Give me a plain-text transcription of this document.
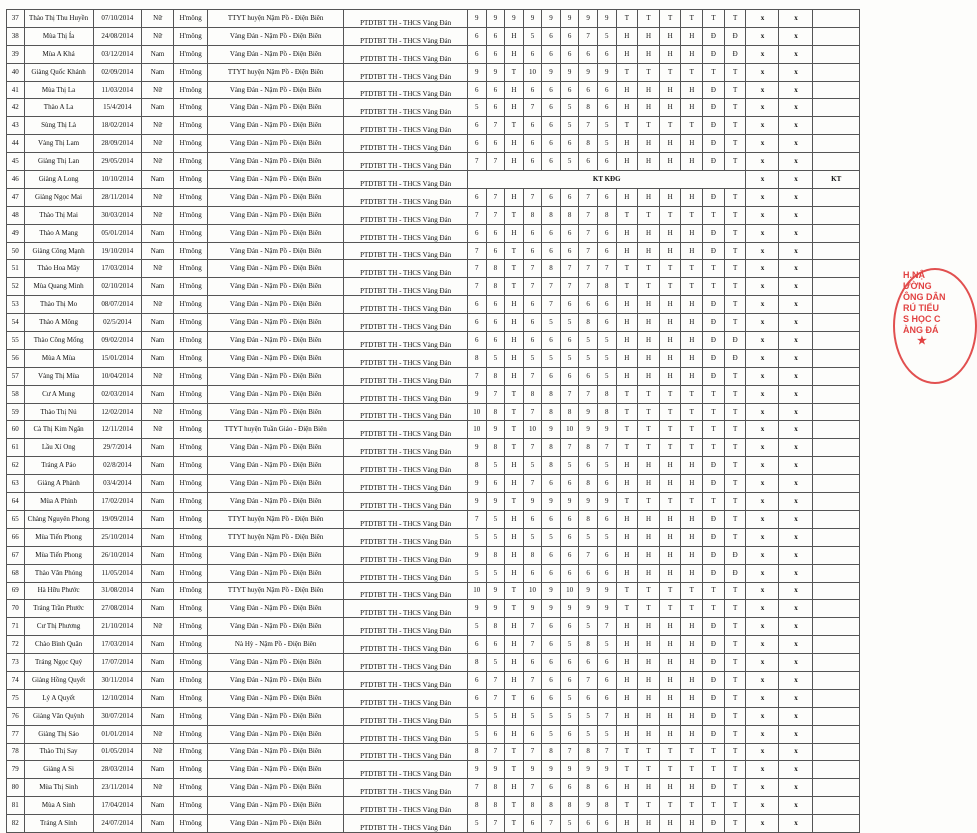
37	Thào Thị Thu Huyền	07/10/2014	Nữ	H'mông	TTYT huyện Nậm Pồ - Điện Biên	PTDTBT TH - THCS Vàng Đán	9	9	9	9	9	9	9	9	T	T	T	T	T	T	x	x	
38	Mùa Thị Ía	24/08/2014	Nữ	H'mông	Vàng Đán - Nậm Pồ - Điện Biên	PTDTBT TH - THCS Vàng Đán	6	6	H	5	6	6	7	5	H	H	H	H	Đ	Đ	x	x	
39	Mùa A Khá	03/12/2014	Nam	H'mông	Vàng Đán - Nậm Pồ - Điện Biên	PTDTBT TH - THCS Vàng Đán	6	6	H	6	6	6	6	6	H	H	H	H	Đ	Đ	x	x	
40	Giàng Quốc Khánh	02/09/2014	Nam	H'mông	TTYT huyện Nậm Pồ - Điện Biên	PTDTBT TH - THCS Vàng Đán	9	9	T	10	9	9	9	9	T	T	T	T	T	T	x	x	
41	Mùa Thị La	11/03/2014	Nữ	H'mông	Vàng Đán - Nậm Pồ - Điện Biên	PTDTBT TH - THCS Vàng Đán	6	6	H	6	6	6	6	6	H	H	H	H	Đ	T	x	x	
42	Thào A La	15/4/2014	Nam	H'mông	Vàng Đán - Nậm Pồ - Điện Biên	PTDTBT TH - THCS Vàng Đán	5	6	H	7	6	5	8	6	H	H	H	H	Đ	T	x	x	
43	Sùng Thị Là	18/02/2014	Nữ	H'mông	Vàng Đán - Nậm Pồ - Điện Biên	PTDTBT TH - THCS Vàng Đán	6	7	T	6	6	5	7	5	T	T	T	T	Đ	T	x	x	
44	Vàng Thị Lam	28/09/2014	Nữ	H'mông	Vàng Đán - Nậm Pồ - Điện Biên	PTDTBT TH - THCS Vàng Đán	6	6	H	6	6	6	8	5	H	H	H	H	Đ	T	x	x	
45	Giàng Thị Lan	29/05/2014	Nữ	H'mông	Vàng Đán - Nậm Pồ - Điện Biên	PTDTBT TH - THCS Vàng Đán	7	7	H	6	6	5	6	6	H	H	H	H	Đ	T	x	x	
46	Giàng A Long	10/10/2014	Nam	H'mông	Vàng Đán - Nậm Pồ - Điện Biên	PTDTBT TH - THCS Vàng Đán	KT KĐG														x	x	KT
47	Giàng Ngọc Mai	28/11/2014	Nữ	H'mông	Vàng Đán - Nậm Pồ - Điện Biên	PTDTBT TH - THCS Vàng Đán	6	7	H	7	6	6	7	6	H	H	H	H	Đ	T	x	x	
48	Thào Thị Mai	30/03/2014	Nữ	H'mông	Vàng Đán - Nậm Pồ - Điện Biên	PTDTBT TH - THCS Vàng Đán	7	7	T	8	8	8	7	8	T	T	T	T	T	T	x	x	
49	Thào A Mang	05/01/2014	Nam	H'mông	Vàng Đán - Nậm Pồ - Điện Biên	PTDTBT TH - THCS Vàng Đán	6	6	H	6	6	6	7	6	H	H	H	H	Đ	T	x	x	
50	Giàng Công Mạnh	19/10/2014	Nam	H'mông	Vàng Đán - Nậm Pồ - Điện Biên	PTDTBT TH - THCS Vàng Đán	7	6	T	6	6	6	7	6	H	H	H	H	Đ	T	x	x	
51	Thào Hoa Mây	17/03/2014	Nữ	H'mông	Vàng Đán - Nậm Pồ - Điện Biên	PTDTBT TH - THCS Vàng Đán	7	8	T	7	8	7	7	7	T	T	T	T	T	T	x	x	
52	Mùa Quang Minh	02/10/2014	Nam	H'mông	Vàng Đán - Nậm Pồ - Điện Biên	PTDTBT TH - THCS Vàng Đán	7	8	T	7	7	7	7	8	T	T	T	T	T	T	x	x	
53	Thào Thị Mo	08/07/2014	Nữ	H'mông	Vàng Đán - Nậm Pồ - Điện Biên	PTDTBT TH - THCS Vàng Đán	6	6	H	6	7	6	6	6	H	H	H	H	Đ	T	x	x	
54	Thào A Mông	02/5/2014	Nam	H'mông	Vàng Đán - Nậm Pồ - Điện Biên	PTDTBT TH - THCS Vàng Đán	6	6	H	6	5	5	8	6	H	H	H	H	Đ	T	x	x	
55	Thào Công Mống	09/02/2014	Nam	H'mông	Vàng Đán - Nậm Pồ - Điện Biên	PTDTBT TH - THCS Vàng Đán	6	6	H	6	6	6	5	5	H	H	H	H	Đ	Đ	x	x	
56	Mùa A Mùa	15/01/2014	Nam	H'mông	Vàng Đán - Nậm Pồ - Điện Biên	PTDTBT TH - THCS Vàng Đán	8	5	H	5	5	5	5	5	H	H	H	H	Đ	Đ	x	x	
57	Vàng Thị Mùa	10/04/2014	Nữ	H'mông	Vàng Đán - Nậm Pồ - Điện Biên	PTDTBT TH - THCS Vàng Đán	7	8	H	7	6	6	6	5	H	H	H	H	Đ	T	x	x	
58	Cư A Mung	02/03/2014	Nam	H'mông	Vàng Đán - Nậm Pồ - Điện Biên	PTDTBT TH - THCS Vàng Đán	9	7	T	8	8	7	7	8	T	T	T	T	T	T	x	x	
59	Thào Thị Nú	12/02/2014	Nữ	H'mông	Vàng Đán - Nậm Pồ - Điện Biên	PTDTBT TH - THCS Vàng Đán	10	8	T	7	8	8	9	8	T	T	T	T	T	T	x	x	
60	Cà Thị Kim Ngân	12/11/2014	Nữ	H'mông	TTYT huyện Tuần Giáo - Điện Biên	PTDTBT TH - THCS Vàng Đán	10	9	T	10	9	10	9	9	T	T	T	T	T	T	x	x	
61	Lầu Xí Ong	29/7/2014	Nam	H'mông	Vàng Đán - Nậm Pồ - Điện Biên	PTDTBT TH - THCS Vàng Đán	9	8	T	7	8	7	8	7	T	T	T	T	T	T	x	x	
62	Tráng A Páo	02/8/2014	Nam	H'mông	Vàng Đán - Nậm Pồ - Điện Biên	PTDTBT TH - THCS Vàng Đán	8	5	H	5	8	5	6	5	H	H	H	H	Đ	T	x	x	
63	Giàng A Phành	03/4/2014	Nam	H'mông	Vàng Đán - Nậm Pồ - Điện Biên	PTDTBT TH - THCS Vàng Đán	9	6	H	7	6	6	8	6	H	H	H	H	Đ	T	x	x	
64	Mùa A Phình	17/02/2014	Nam	H'mông	Vàng Đán - Nậm Pồ - Điện Biên	PTDTBT TH - THCS Vàng Đán	9	9	T	9	9	9	9	9	T	T	T	T	T	T	x	x	
65	Chàng Nguyên Phong	19/09/2014	Nam	H'mông	TTYT huyện Nậm Pồ - Điện Biên	PTDTBT TH - THCS Vàng Đán	7	5	H	6	6	6	8	6	H	H	H	H	Đ	T	x	x	
66	Mùa Tiến Phong	25/10/2014	Nam	H'mông	TTYT huyện Nậm Pồ - Điện Biên	PTDTBT TH - THCS Vàng Đán	5	5	H	5	5	6	5	5	H	H	H	H	Đ	T	x	x	
67	Mùa Tiến Phong	26/10/2014	Nam	H'mông	Vàng Đán - Nậm Pồ - Điện Biên	PTDTBT TH - THCS Vàng Đán	9	8	H	8	6	6	7	6	H	H	H	H	Đ	Đ	x	x	
68	Thào Văn Phóng	11/05/2014	Nam	H'mông	Vàng Đán - Nậm Pồ - Điện Biên	PTDTBT TH - THCS Vàng Đán	5	5	H	6	6	6	6	6	H	H	H	H	Đ	Đ	x	x	
69	Hà Hữu Phước	31/08/2014	Nam	H'mông	TTYT huyện Nậm Pồ - Điện Biên	PTDTBT TH - THCS Vàng Đán	10	9	T	10	9	10	9	9	T	T	T	T	T	T	x	x	
70	Tráng Trần Phước	27/08/2014	Nam	H'mông	Vàng Đán - Nậm Pồ - Điện Biên	PTDTBT TH - THCS Vàng Đán	9	9	T	9	9	9	9	9	T	T	T	T	T	T	x	x	
71	Cư Thị Phương	21/10/2014	Nữ	H'mông	Vàng Đán - Nậm Pồ - Điện Biên	PTDTBT TH - THCS Vàng Đán	5	8	H	7	6	6	5	7	H	H	H	H	Đ	T	x	x	
72	Chào Bình Quân	17/03/2014	Nam	H'mông	Nà Hỳ - Nậm Pồ - Điện Biên	PTDTBT TH - THCS Vàng Đán	6	6	H	7	6	5	8	5	H	H	H	H	Đ	T	x	x	
73	Tráng Ngọc Quý	17/07/2014	Nam	H'mông	Vàng Đán - Nậm Pồ - Điện Biên	PTDTBT TH - THCS Vàng Đán	8	5	H	6	6	6	6	6	H	H	H	H	Đ	T	x	x	
74	Giàng Hồng Quyết	30/11/2014	Nam	H'mông	Vàng Đán - Nậm Pồ - Điện Biên	PTDTBT TH - THCS Vàng Đán	6	7	H	7	6	6	7	6	H	H	H	H	Đ	T	x	x	
75	Lý A Quyết	12/10/2014	Nam	H'mông	Vàng Đán - Nậm Pồ - Điện Biên	PTDTBT TH - THCS Vàng Đán	6	7	T	6	6	5	6	6	H	H	H	H	Đ	T	x	x	
76	Giàng Văn Quỳnh	30/07/2014	Nam	H'mông	Vàng Đán - Nậm Pồ - Điện Biên	PTDTBT TH - THCS Vàng Đán	5	5	H	5	5	5	5	7	H	H	H	H	Đ	T	x	x	
77	Giàng Thị Sáo	01/01/2014	Nữ	H'mông	Vàng Đán - Nậm Pồ - Điện Biên	PTDTBT TH - THCS Vàng Đán	5	6	H	6	5	6	5	5	H	H	H	H	Đ	T	x	x	
78	Thào Thị Say	01/05/2014	Nữ	H'mông	Vàng Đán - Nậm Pồ - Điện Biên	PTDTBT TH - THCS Vàng Đán	8	7	T	7	8	7	8	7	T	T	T	T	T	T	x	x	
79	Giàng A Si	28/03/2014	Nam	H'mông	Vàng Đán - Nậm Pồ - Điện Biên	PTDTBT TH - THCS Vàng Đán	9	9	T	9	9	9	9	9	T	T	T	T	T	T	x	x	
80	Mùa Thị Sinh	23/11/2014	Nữ	H'mông	Vàng Đán - Nậm Pồ - Điện Biên	PTDTBT TH - THCS Vàng Đán	7	8	H	7	6	6	8	6	H	H	H	H	Đ	T	x	x	
81	Mùa A Sinh	17/04/2014	Nam	H'mông	Vàng Đán - Nậm Pồ - Điện Biên	PTDTBT TH - THCS Vàng Đán	8	8	T	8	8	8	9	8	T	T	T	T	T	T	x	x	
82	Tráng A Sính	24/07/2014	Nam	H'mông	Vàng Đán - Nậm Pồ - Điện Biên	PTDTBT TH - THCS Vàng Đán	5	7	T	6	7	5	6	6	H	H	H	H	Đ	T	x	x	
H.NẬ
ƯỜNG
ÔNG DÂN
RÚ TIỂU
S HỌC C
ÀNG ĐÁ
★
